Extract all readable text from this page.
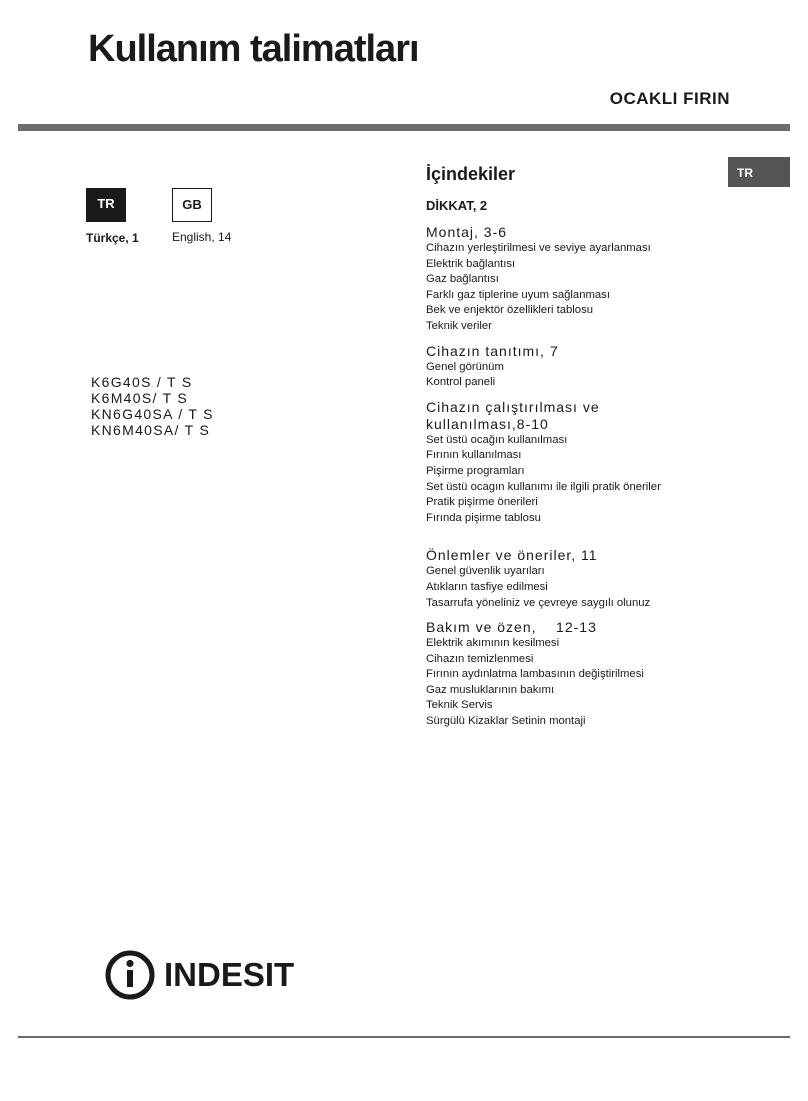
Kullanım talimatları
OCAKLI FIRIN
TR
TR
Türkçe, 1
GB
English, 14
K6G40S / T S
K6M40S/ T S
KN6G40SA / T S
KN6M40SA/ T S
İçindekiler
DİKKAT, 2
Montaj, 3-6
Cihazın yerleştirilmesi ve seviye ayarlanması
Elektrik bağlantısı
Gaz bağlantısı
Farklı gaz tiplerine uyum sağlanması
Bek ve enjektör özellikleri tablosu
Teknik veriler
Cihazın tanıtımı, 7
Genel görünüm
Kontrol paneli
Cihazın çalıştırılması ve
kullanılması,8-10
Set üstü ocağın kullanılması
Fırının kullanılması
Pişirme programları
Set üstü ocagın kullanımı ile ilgili pratik öneriler
Pratik pişirme önerileri
Fırında pişirme tablosu
Önlemler ve öneriler, 11
Genel güvenlik uyarıları
Atıkların tasfiye edilmesi
Tasarrufa yöneliniz ve çevreye saygılı olunuz
Bakım ve özen,    12-13
Elektrik akımının kesilmesi
Cihazın temizlenmesi
Fırının aydınlatma lambasının değiştirilmesi
Gaz musluklarının bakımı
Teknik Servis
Sürgülü Kizaklar Setinin montaji
INDESIT
